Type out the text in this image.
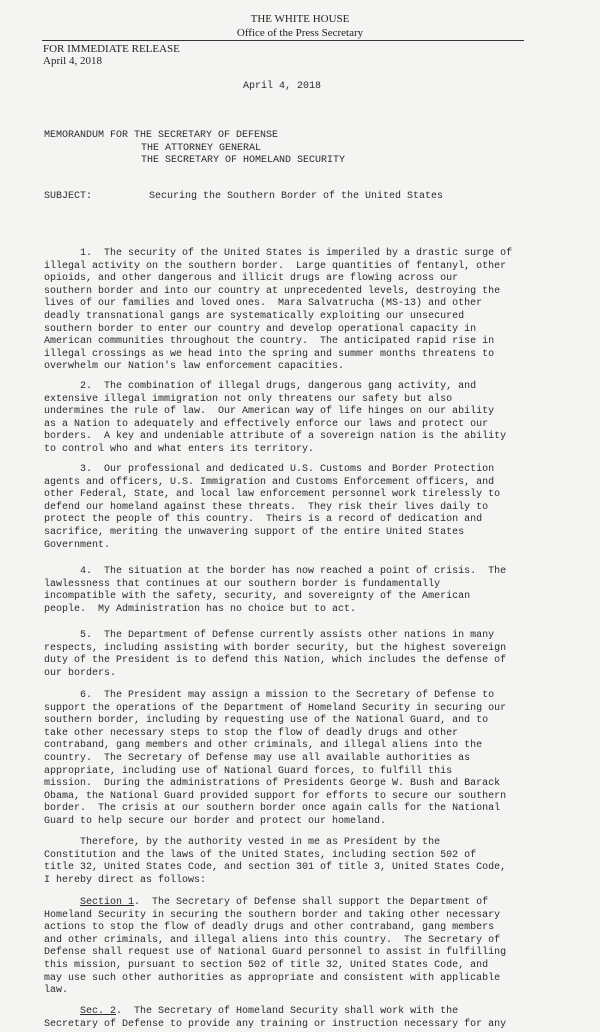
THE WHITE HOUSE
Office of the Press Secretary
FOR IMMEDIATE RELEASE
April 4, 2018
April 4, 2018
MEMORANDUM FOR THE SECRETARY OF DEFENSE
THE ATTORNEY GENERAL
THE SECRETARY OF HOMELAND SECURITY
SUBJECT:	Securing the Southern Border of the United States
1.  The security of the United States is imperiled by a drastic surge of
illegal activity on the southern border.  Large quantities of fentanyl, other
opioids, and other dangerous and illicit drugs are flowing across our
southern border and into our country at unprecedented levels, destroying the
lives of our families and loved ones.  Mara Salvatrucha (MS-13) and other
deadly transnational gangs are systematically exploiting our unsecured
southern border to enter our country and develop operational capacity in
American communities throughout the country.  The anticipated rapid rise in
illegal crossings as we head into the spring and summer months threatens to
overwhelm our Nation's law enforcement capacities.
2.  The combination of illegal drugs, dangerous gang activity, and
extensive illegal immigration not only threatens our safety but also
undermines the rule of law.  Our American way of life hinges on our ability
as a Nation to adequately and effectively enforce our laws and protect our
borders.  A key and undeniable attribute of a sovereign nation is the ability
to control who and what enters its territory.
3.  Our professional and dedicated U.S. Customs and Border Protection
agents and officers, U.S. Immigration and Customs Enforcement officers, and
other Federal, State, and local law enforcement personnel work tirelessly to
defend our homeland against these threats.  They risk their lives daily to
protect the people of this country.  Theirs is a record of dedication and
sacrifice, meriting the unwavering support of the entire United States
Government.
4.  The situation at the border has now reached a point of crisis.  The
lawlessness that continues at our southern border is fundamentally
incompatible with the safety, security, and sovereignty of the American
people.  My Administration has no choice but to act.
5.  The Department of Defense currently assists other nations in many
respects, including assisting with border security, but the highest sovereign
duty of the President is to defend this Nation, which includes the defense of
our borders.
6.  The President may assign a mission to the Secretary of Defense to
support the operations of the Department of Homeland Security in securing our
southern border, including by requesting use of the National Guard, and to
take other necessary steps to stop the flow of deadly drugs and other
contraband, gang members and other criminals, and illegal aliens into the
country.  The Secretary of Defense may use all available authorities as
appropriate, including use of National Guard forces, to fulfill this
mission.  During the administrations of Presidents George W. Bush and Barack
Obama, the National Guard provided support for efforts to secure our southern
border.  The crisis at our southern border once again calls for the National
Guard to help secure our border and protect our homeland.
Therefore, by the authority vested in me as President by the
Constitution and the laws of the United States, including section 502 of
title 32, United States Code, and section 301 of title 3, United States Code,
I hereby direct as follows:
Section 1.  The Secretary of Defense shall support the Department of
Homeland Security in securing the southern border and taking other necessary
actions to stop the flow of deadly drugs and other contraband, gang members
and other criminals, and illegal aliens into this country.  The Secretary of
Defense shall request use of National Guard personnel to assist in fulfilling
this mission, pursuant to section 502 of title 32, United States Code, and
may use such other authorities as appropriate and consistent with applicable
law.
Sec. 2.  The Secretary of Homeland Security shall work with the
Secretary of Defense to provide any training or instruction necessary for any
